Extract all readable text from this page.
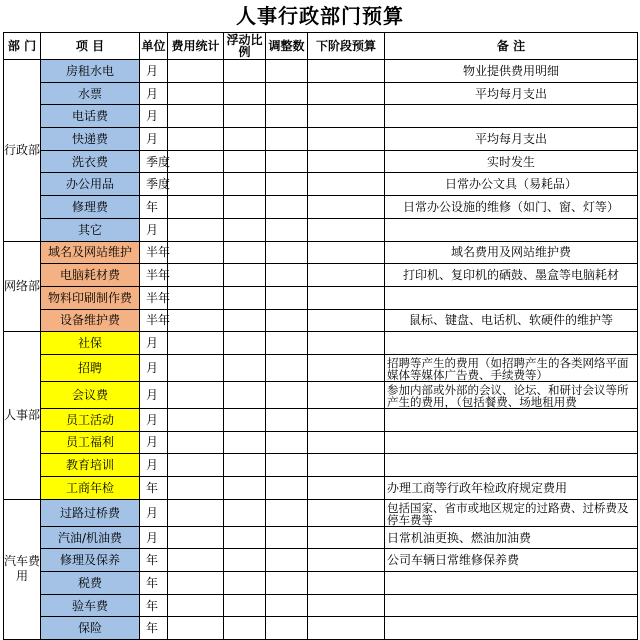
人事行政部门预算
部 门	项 目	单位	费用统计	浮动比例	调整数	下阶段预算	备 注
行政部	房租水电	月					物业提供费用明细
	水票	月					平均每月支出
	电话费	月					
	快递费	月					平均每月支出
	洗衣费	季度					实时发生
	办公用品	季度					日常办公文具（易耗品）
	修理费	年					日常办公设施的维修（如门、窗、灯等）
	其它	月					
网络部	域名及网站维护	半年					域名费用及网站维护费
	电脑耗材费	半年					打印机、复印机的硒鼓、墨盒等电脑耗材
	物料印刷制作费	半年					
	设备维护费	半年					鼠标、键盘、电话机、软硬件的维护等
人事部	社保	月					
	招聘	月					招聘等产生的费用（如招聘产生的各类网络平面媒体等媒体广告费、手续费等）
	会议费	月					参加内部或外部的会议、论坛、和研讨会议等所产生的费用，（包括餐费、场地租用费
	员工活动	月					
	员工福利	月					
	教育培训	月					
	工商年检	年					办理工商等行政年检政府规定费用
汽车费用	过路过桥费	月					包括国家、省市或地区规定的过路费、过桥费及停车费等
	汽油/机油费	月					日常机油更换、燃油加油费
	修理及保养	年					公司车辆日常维修保养费
	税费	年					
	验车费	年					
	保险	年					
